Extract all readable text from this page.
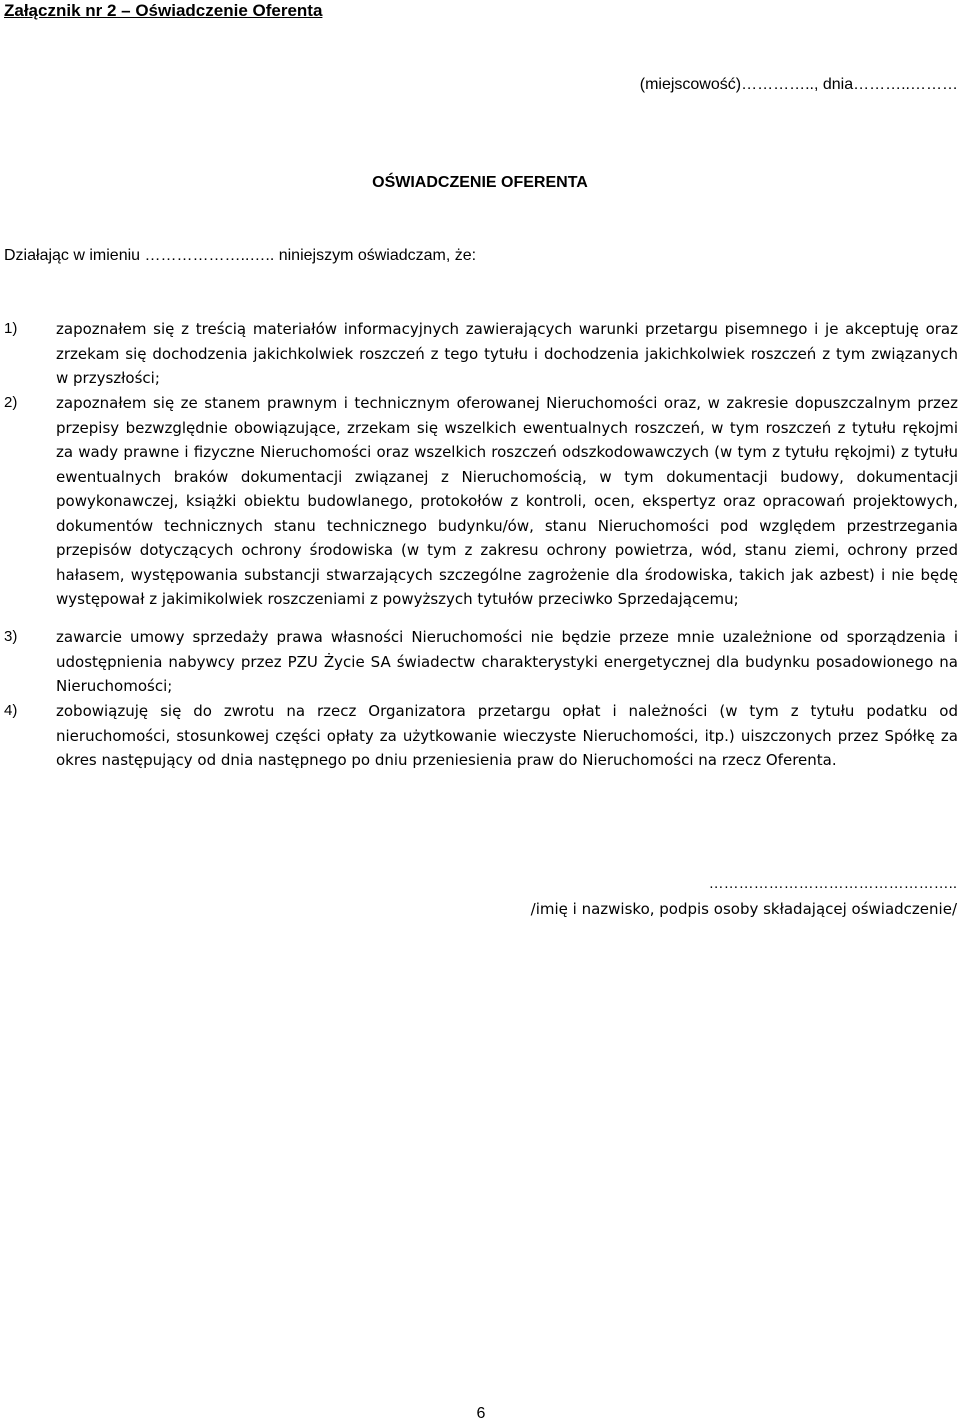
Załącznik nr 2 – Oświadczenie Oferenta
(miejscowość)………….., dnia………..………
OŚWIADCZENIE OFERENTA
Działając w imieniu ………………..….. niniejszym oświadczam, że:
1)	zapoznałem się z treścią materiałów informacyjnych zawierających warunki przetargu pisemnego i je akceptuję oraz zrzekam się dochodzenia jakichkolwiek roszczeń z tego tytułu i dochodzenia jakichkolwiek roszczeń z tym związanych w przyszłości;
2)	zapoznałem się ze stanem prawnym i technicznym oferowanej Nieruchomości oraz, w zakresie dopuszczalnym przez przepisy bezwzględnie obowiązujące, zrzekam się wszelkich ewentualnych roszczeń, w tym roszczeń z tytułu rękojmi za wady prawne i fizyczne Nieruchomości oraz wszelkich roszczeń odszkodowawczych (w tym z tytułu rękojmi) z tytułu ewentualnych braków dokumentacji związanej z Nieruchomością, w tym dokumentacji budowy, dokumentacji powykonawczej, książki obiektu budowlanego, protokołów z kontroli, ocen, ekspertyz oraz opracowań projektowych, dokumentów technicznych stanu technicznego budynku/ów, stanu Nieruchomości pod względem przestrzegania przepisów dotyczących ochrony środowiska (w tym z zakresu ochrony powietrza, wód, stanu ziemi, ochrony przed hałasem, występowania substancji stwarzających szczególne zagrożenie dla środowiska, takich jak azbest) i nie będę występował z jakimikolwiek roszczeniami z powyższych tytułów przeciwko Sprzedającemu;
3)	zawarcie umowy sprzedaży prawa własności Nieruchomości nie będzie przeze mnie uzależnione od sporządzenia i udostępnienia nabywcy przez PZU Życie SA świadectw charakterystyki energetycznej dla budynku posadowionego na Nieruchomości;
4)	zobowiązuję się do zwrotu na rzecz Organizatora przetargu opłat i należności (w tym z tytułu podatku od nieruchomości, stosunkowej części opłaty za użytkowanie wieczyste Nieruchomości, itp.) uiszczonych przez Spółkę za okres następujący od dnia następnego po dniu przeniesienia praw do Nieruchomości na rzecz Oferenta.
…………………………………………..
/imię i nazwisko, podpis osoby składającej oświadczenie/
6
